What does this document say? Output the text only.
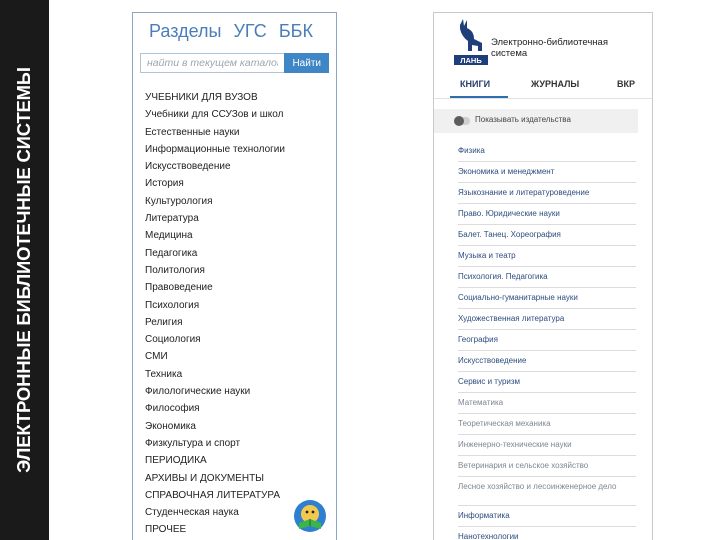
ЭЛЕКТРОННЫЕ БИБЛИОТЕЧНЫЕ СИСТЕМЫ
Разделы УГС ББК
найти в текущем каталоге
Найти
УЧЕБНИКИ ДЛЯ ВУЗОВ
Учебники для ССУЗов и школ
Естественные науки
Информационные технологии
Искусствоведение
История
Культурология
Литература
Медицина
Педагогика
Политология
Правоведение
Психология
Религия
Социология
СМИ
Техника
Филологические науки
Философия
Экономика
Физкультура и спорт
ПЕРИОДИКА
АРХИВЫ И ДОКУМЕНТЫ
СПРАВОЧНАЯ ЛИТЕРАТУРА
Студенческая наука
ПРОЧЕЕ
ЛАНЬ
Электронно-библиотечная
система
КНИГИ	ЖУРНАЛЫ	ВКР
Показывать издательства
Физика
Экономика и менеджмент
Языкознание и литературоведение
Право. Юридические науки
Балет. Танец. Хореография
Музыка и театр
Психология. Педагогика
Социально-гуманитарные науки
Художественная литература
География
Искусствоведение
Сервис и туризм
Математика
Теоретическая механика
Инженерно-технические науки
Ветеринария и сельское хозяйство
Лесное хозяйство и лесоинженерное дело
Информатика
Нанотехнологии
